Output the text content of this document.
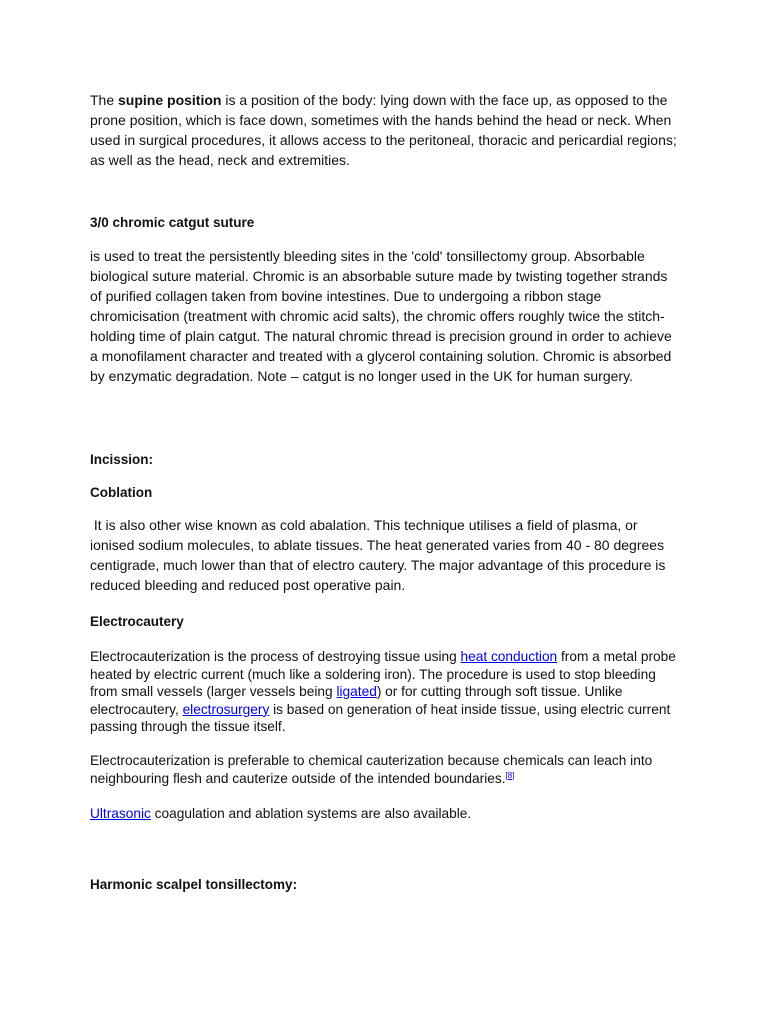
The supine position is a position of the body: lying down with the face up, as opposed to the prone position, which is face down, sometimes with the hands behind the head or neck. When used in surgical procedures, it allows access to the peritoneal, thoracic and pericardial regions; as well as the head, neck and extremities.

3/0 chromic catgut suture

is used to treat the persistently bleeding sites in the 'cold' tonsillectomy group. Absorbable biological suture material. Chromic is an absorbable suture made by twisting together strands of purified collagen taken from bovine intestines. Due to undergoing a ribbon stage chromicisation (treatment with chromic acid salts), the chromic offers roughly twice the stitch-holding time of plain catgut. The natural chromic thread is precision ground in order to achieve a monofilament character and treated with a glycerol containing solution. Chromic is absorbed by enzymatic degradation. Note – catgut is no longer used in the UK for human surgery.

Incission:
Coblation

It is also other wise known as cold abalation. This technique utilises a field of plasma, or ionised sodium molecules, to ablate tissues. The heat generated varies from 40 - 80 degrees centigrade, much lower than that of electro cautery. The major advantage of this procedure is reduced bleeding and reduced post operative pain.

Electrocautery

Electrocauterization is the process of destroying tissue using heat conduction from a metal probe heated by electric current (much like a soldering iron). The procedure is used to stop bleeding from small vessels (larger vessels being ligated) or for cutting through soft tissue. Unlike electrocautery, electrosurgery is based on generation of heat inside tissue, using electric current passing through the tissue itself.

Electrocauterization is preferable to chemical cauterization because chemicals can leach into neighbouring flesh and cauterize outside of the intended boundaries.[8]

Ultrasonic coagulation and ablation systems are also available.

Harmonic scalpel tonsillectomy:
